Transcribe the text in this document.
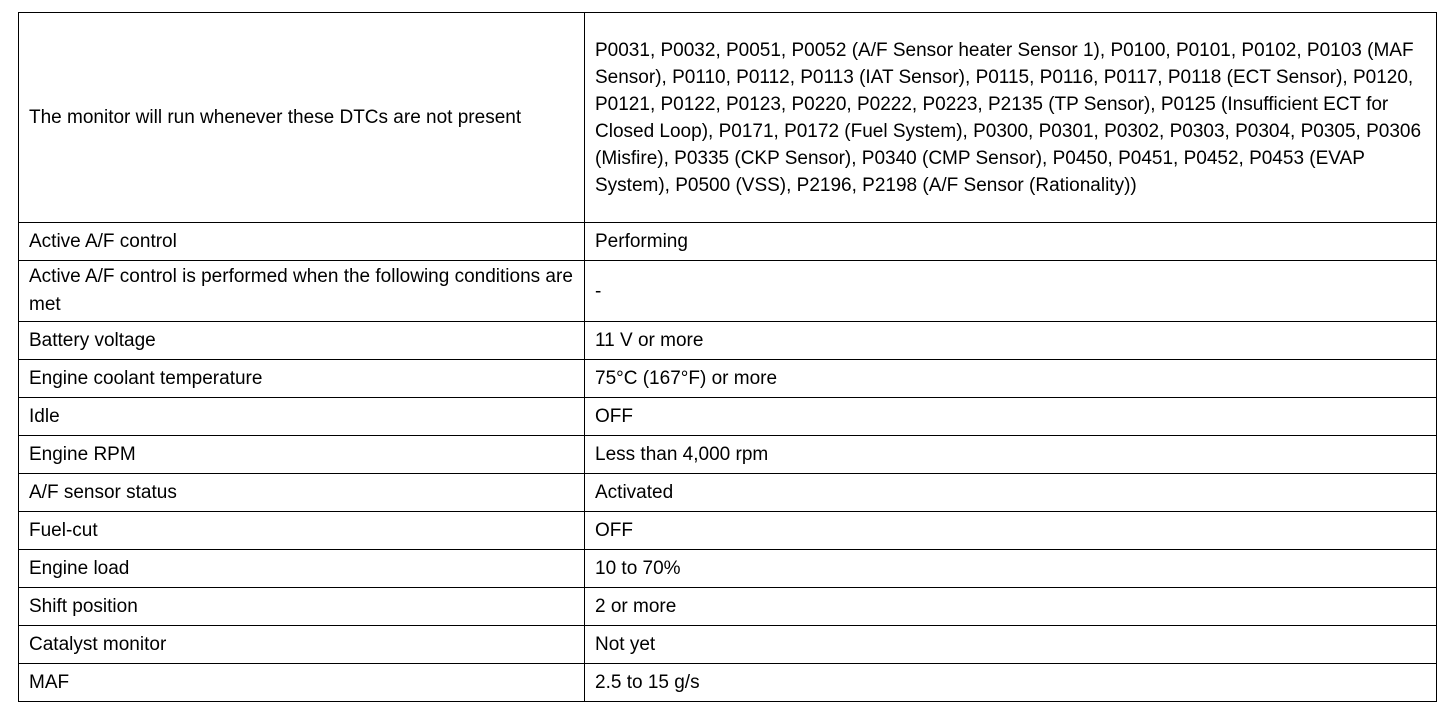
The monitor will run whenever these DTCs are not present	P0031, P0032, P0051, P0052 (A/F Sensor heater Sensor 1), P0100, P0101, P0102, P0103 (MAF Sensor), P0110, P0112, P0113 (IAT Sensor), P0115, P0116, P0117, P0118 (ECT Sensor), P0120, P0121, P0122, P0123, P0220, P0222, P0223, P2135 (TP Sensor), P0125 (Insufficient ECT for Closed Loop), P0171, P0172 (Fuel System), P0300, P0301, P0302, P0303, P0304, P0305, P0306 (Misfire), P0335 (CKP Sensor), P0340 (CMP Sensor), P0450, P0451, P0452, P0453 (EVAP System), P0500 (VSS), P2196, P2198 (A/F Sensor (Rationality))
Active A/F control	Performing
Active A/F control is performed when the following conditions are met	-
Battery voltage	11 V or more
Engine coolant temperature	75°C (167°F) or more
Idle	OFF
Engine RPM	Less than 4,000 rpm
A/F sensor status	Activated
Fuel-cut	OFF
Engine load	10 to 70%
Shift position	2 or more
Catalyst monitor	Not yet
MAF	2.5 to 15 g/s
